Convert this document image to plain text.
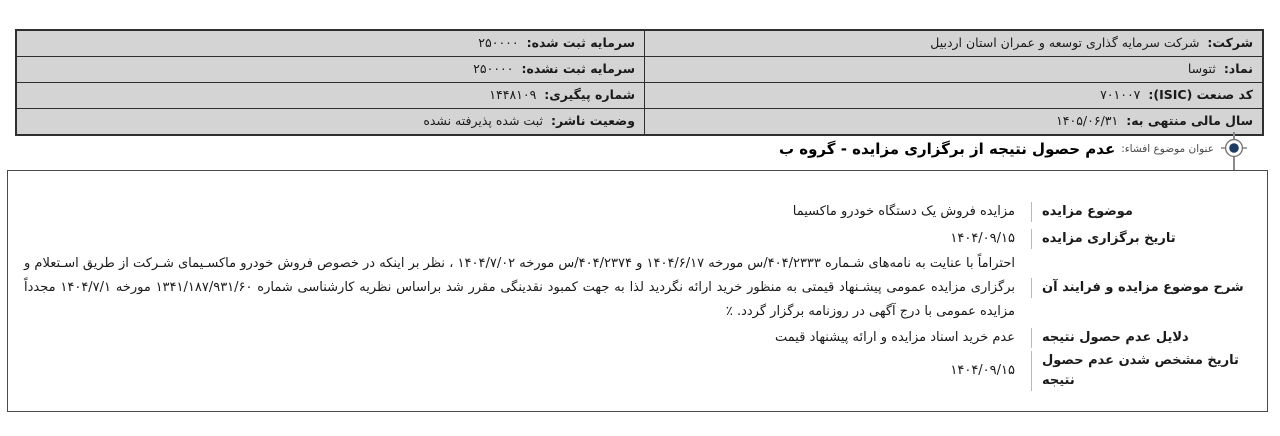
شرکت:شرکت سرمایه گذاری توسعه و عمران استان اردبیل
سرمایه ثبت شده:۲۵۰۰۰۰
نماد:ثتوسا
سرمایه ثبت نشده:۲۵۰۰۰۰
کد صنعت (ISIC):۷۰۱۰۰۷
شماره پیگیری:۱۴۴۸۱۰۹
سال مالی منتهی به:۱۴۰۵/۰۶/۳۱
وضعیت ناشر:ثبت شده پذیرفته نشده
عنوان موضوع افشاء:
عدم حصول نتیجه از برگزاری مزایده - گروه ب
موضوع مزایده
مزایده فروش یک دستگاه خودرو ماکسیما
تاریخ برگزاری مزایده
۱۴۰۴/۰۹/۱۵
شرح موضوع مزایده و فرایند آن
احتراماً با عنایت به نامه‌های شـماره ۴۰۴/۲۳۳۳/س مورخه ۱۴۰۴/۶/۱۷ و ۴۰۴/۲۳۷۴/س مورخه ۱۴۰۴/۷/۰۲ ، نظر بر اینکه در خصوص فروش خودرو ماکسـیمای شـرکت از طریق اسـتعلام و برگزاری مزایده عمومی پیشـنهاد قیمتی به منظور خرید ارائه نگردید لذا به جهت کمبود نقدینگی مقرر شد براساس نظریه کارشناسی شماره ۱۳۴۱/۱۸۷/۹۳۱/۶۰ مورخه ۱۴۰۴/۷/۱ مجدداً مزایده عمومی با درج آگهی در روزنامه برگزار گردد. ٪
دلایل عدم حصول نتیجه
عدم خرید اسناد مزایده و ارائه پیشنهاد قیمت
تاریخ مشخص شدن عدم حصول نتیجه
۱۴۰۴/۰۹/۱۵
